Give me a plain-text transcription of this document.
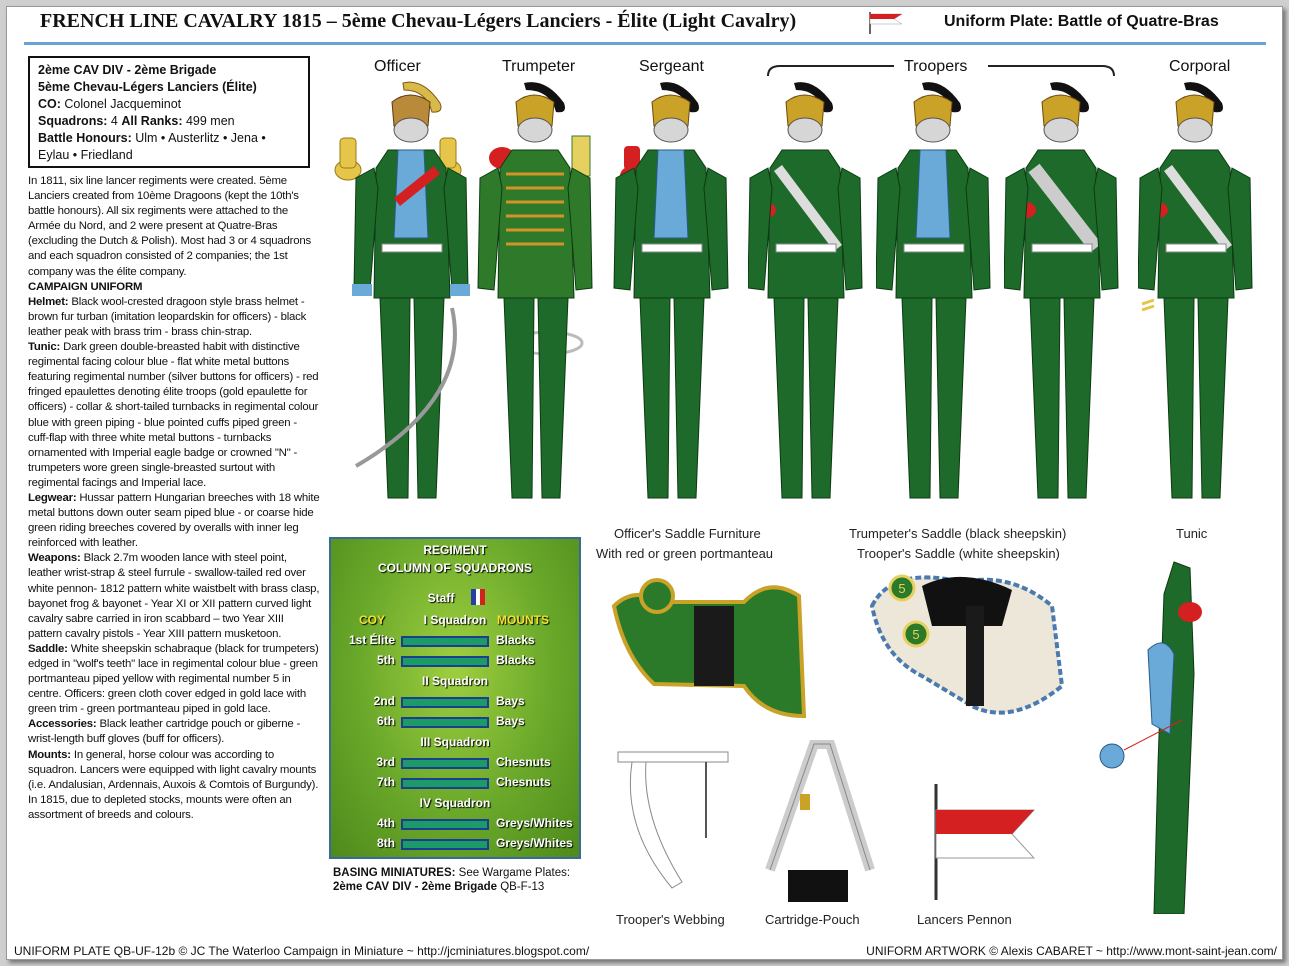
FRENCH LINE CAVALRY 1815 – 5ème Chevau-Légers Lanciers - Élite (Light Cavalry)	Uniform Plate: Battle of Quatre-Bras
2ème CAV DIV - 2ème Brigade
5ème Chevau-Légers Lanciers (Élite)
CO: Colonel Jacqueminot
Squadrons: 4 All Ranks: 499 men
Battle Honours: Ulm • Austerlitz • Jena • Eylau • Friedland

In 1811, six line lancer regiments were created. 5ème Lanciers created from 10ème Dragoons (kept the 10th's battle honours). All six regiments were attached to the Armée du Nord, and 2 were present at Quatre-Bras (excluding the Dutch & Polish). Most had 3 or 4 squadrons and each squadron consisted of 2 companies; the 1st company was the élite company.

CAMPAIGN UNIFORM

Helmet: Black wool-crested dragoon style brass helmet - brown fur turban (imitation leopardskin for officers) - black leather peak with brass trim - brass chin-strap.

Tunic: Dark green double-breasted habit with distinctive regimental facing colour blue - flat white metal buttons featuring regimental number (silver buttons for officers) - red fringed epaulettes denoting élite troops (gold epaulette for officers) - collar & short-tailed turnbacks in regimental colour blue with green piping - blue pointed cuffs piped green - cuff-flap with three white metal buttons - turnbacks ornamented with Imperial eagle badge or crowned "N" - trumpeters wore green single-breasted surtout with regimental facings and Imperial lace.

Legwear: Hussar pattern Hungarian breeches with 18 white metal buttons down outer seam piped blue - or coarse hide green riding breeches covered by overalls with inner leg reinforced with leather.

Weapons: Black 2.7m wooden lance with steel point, leather wrist-strap & steel furrule - swallow-tailed red over white pennon- 1812 pattern white waistbelt with brass clasp, bayonet frog & bayonet - Year XI or XII pattern curved light cavalry sabre carried in iron scabbard – two Year XIII pattern cavalry pistols - Year XIII pattern musketoon.

Saddle: White sheepskin schabraque (black for trumpeters) edged in "wolf's teeth" lace in regimental colour blue - green portmanteau piped yellow with regimental number 5 in centre. Officers: green cloth cover edged in gold lace with green trim - green portmanteau piped in gold lace.

Accessories: Black leather cartridge pouch or giberne - wrist-length buff gloves (buff for officers).

Mounts: In general, horse colour was according to squadron. Lancers were equipped with light cavalry mounts (i.e. Andalusian, Ardennais, Auxois & Comtois of Burgundy). In 1815, due to depleted stocks, mounts were often an assortment of breeds and colours.

Officer	Trumpeter	Sergeant	Troopers	Corporal
REGIMENT
COLUMN OF SQUADRONS
Staff
COY	MOUNTS
I Squadron
1st Élite	Blacks
5th	Blacks
II Squadron
2nd	Bays
6th	Bays
III Squadron
3rd	Chesnuts
7th	Chesnuts
IV Squadron
4th	Greys/Whites
8th	Greys/Whites
BASING MINIATURES: See Wargame Plates:
2ème CAV DIV - 2ème Brigade QB-F-13
Officer's Saddle Furniture
With red or green portmanteau
Trumpeter's Saddle (black sheepskin)
Trooper's Saddle (white sheepskin)
Tunic
Trooper's Webbing	Cartridge-Pouch	Lancers Pennon
5
5
UNIFORM PLATE QB-UF-12b © JC The Waterloo Campaign in Miniature ~ http://jcminiatures.blogspot.com/	UNIFORM ARTWORK © Alexis CABARET ~ http://www.mont-saint-jean.com/
